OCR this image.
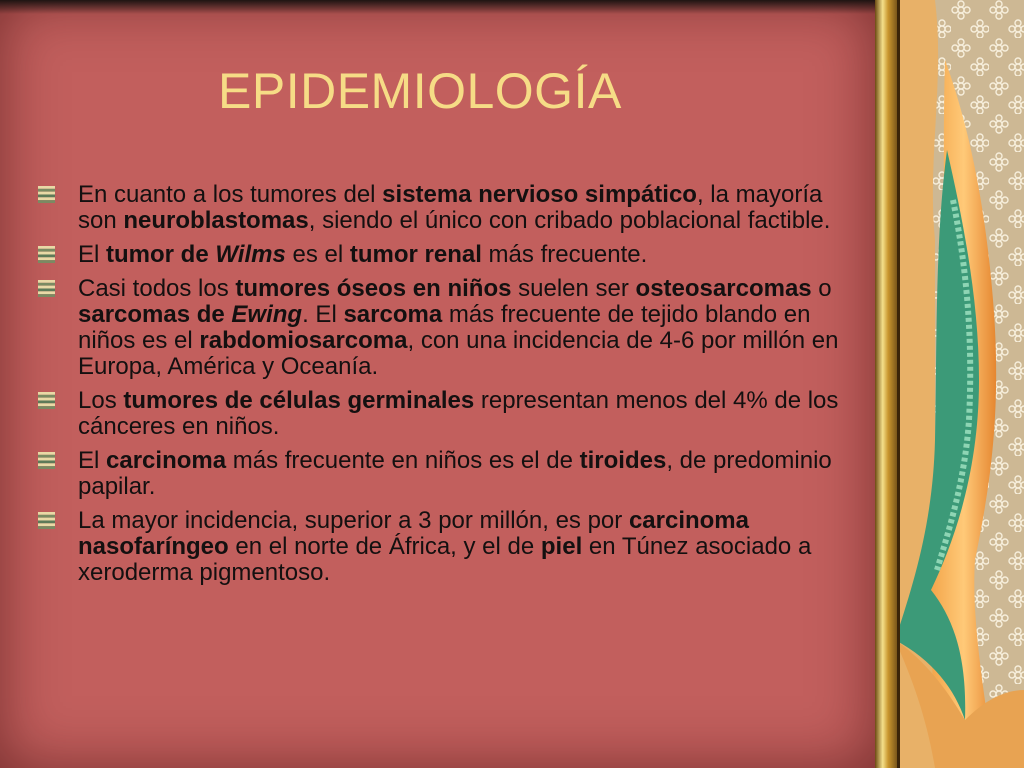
EPIDEMIOLOGÍA

En cuanto a los tumores del sistema nervioso simpático, la mayoría son neuroblastomas, siendo el único con cribado poblacional factible.

El tumor de Wilms es el tumor renal más frecuente.

Casi todos los tumores óseos en niños suelen ser osteosarcomas o sarcomas de Ewing. El sarcoma más frecuente de tejido blando en niños es el rabdomiosarcoma, con una incidencia de 4-6 por millón en Europa, América y Oceanía.

Los tumores de células germinales representan menos del 4% de los cánceres en niños.

El carcinoma más frecuente en niños es el de tiroides, de predominio papilar.

La mayor incidencia, superior a 3 por millón, es por carcinoma nasofaríngeo en el norte de África, y el de piel en Túnez asociado a xeroderma pigmentoso.
